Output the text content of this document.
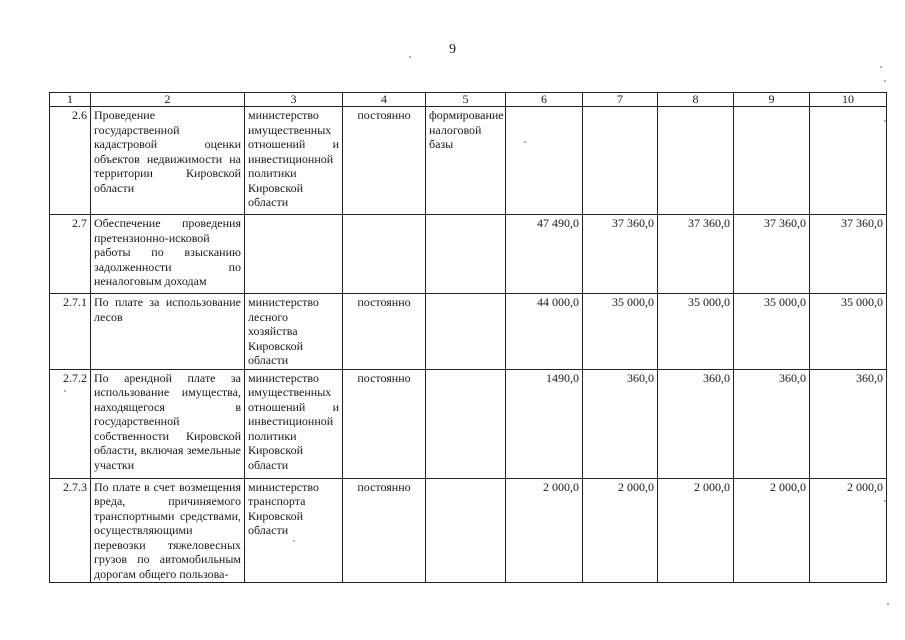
9
1	2	3	4	5	6	7	8	9	10
2.6	Проведение государственной кадастровой оценки объектов недвижимости на территории Кировской области	министерство имущественных отношений и инвестиционной политики Кировской области	постоянно	формирование налоговой базы					
2.7	Обеспечение проведения претензионно-исковой работы по взысканию задолженности по неналоговым доходам				47 490,0	37 360,0	37 360,0	37 360,0	37 360,0
2.7.1	По плате за использование лесов	министерство лесного хозяйства Кировской области	постоянно		44 000,0	35 000,0	35 000,0	35 000,0	35 000,0
2.7.2	По арендной плате за использование имущества, находящегося в государственной собственности Кировской области, включая земельные участки	министерство имущественных отношений и инвестиционной политики Кировской области	постоянно		1490,0	360,0	360,0	360,0	360,0
2.7.3	По плате в счет возмещения вреда, причиняемого транспортными средствами, осуществляющими перевозки тяжеловесных грузов по автомобильным дорогам общего пользова-	министерство транспорта Кировской области	постоянно		2 000,0	2 000,0	2 000,0	2 000,0	2 000,0
